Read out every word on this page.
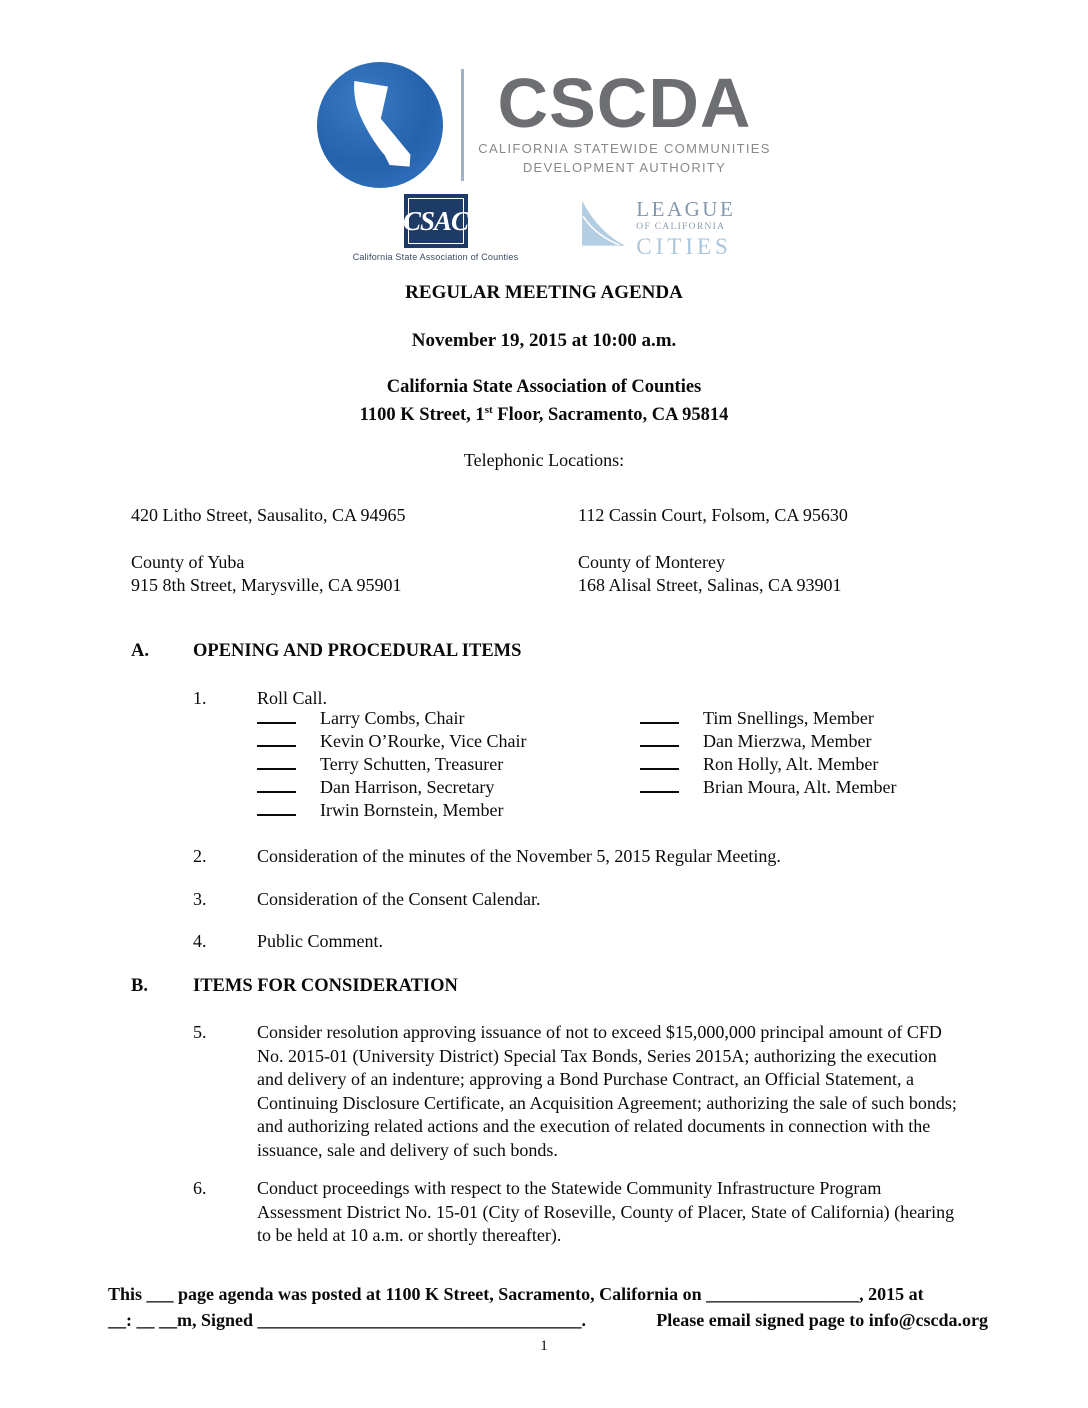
CSCDA
CALIFORNIA STATEWIDE COMMUNITIES
DEVELOPMENT AUTHORITY
CSAC
California State Association of Counties
LEAGUE
OF CALIFORNIA
CITIES
REGULAR MEETING AGENDA
November 19, 2015 at 10:00 a.m.
California State Association of Counties
1100 K Street, 1st Floor, Sacramento, CA 95814
Telephonic Locations:
420 Litho Street, Sausalito, CA 94965
County of Yuba
915 8th Street, Marysville, CA 95901
112 Cassin Court, Folsom, CA 95630
County of Monterey
168 Alisal Street, Salinas, CA 93901
A. OPENING AND PROCEDURAL ITEMS
1.	Roll Call.
Larry Combs, Chair
Kevin O’Rourke, Vice Chair
Terry Schutten, Treasurer
Dan Harrison, Secretary
Irwin Bornstein, Member
Tim Snellings, Member
Dan Mierzwa, Member
Ron Holly, Alt. Member
Brian Moura, Alt. Member
2.	Consideration of the minutes of the November 5, 2015 Regular Meeting.
3.	Consideration of the Consent Calendar.
4.	Public Comment.
B. ITEMS FOR CONSIDERATION
5.	Consider resolution approving issuance of not to exceed $15,000,000 principal amount of CFD No. 2015-01 (University District) Special Tax Bonds, Series 2015A; authorizing the execution and delivery of an indenture; approving a Bond Purchase Contract, an Official Statement, a Continuing Disclosure Certificate, an Acquisition Agreement; authorizing the sale of such bonds; and authorizing related actions and the execution of related documents in connection with the issuance, sale and delivery of such bonds.
6.	Conduct proceedings with respect to the Statewide Community Infrastructure Program Assessment District No. 15-01 (City of Roseville, County of Placer, State of California) (hearing to be held at 10 a.m. or shortly thereafter).
This ___ page agenda was posted at 1100 K Street, Sacramento, California on _________________, 2015 at
__: __ __m, Signed ____________________________________.	Please email signed page to info@cscda.org
1
